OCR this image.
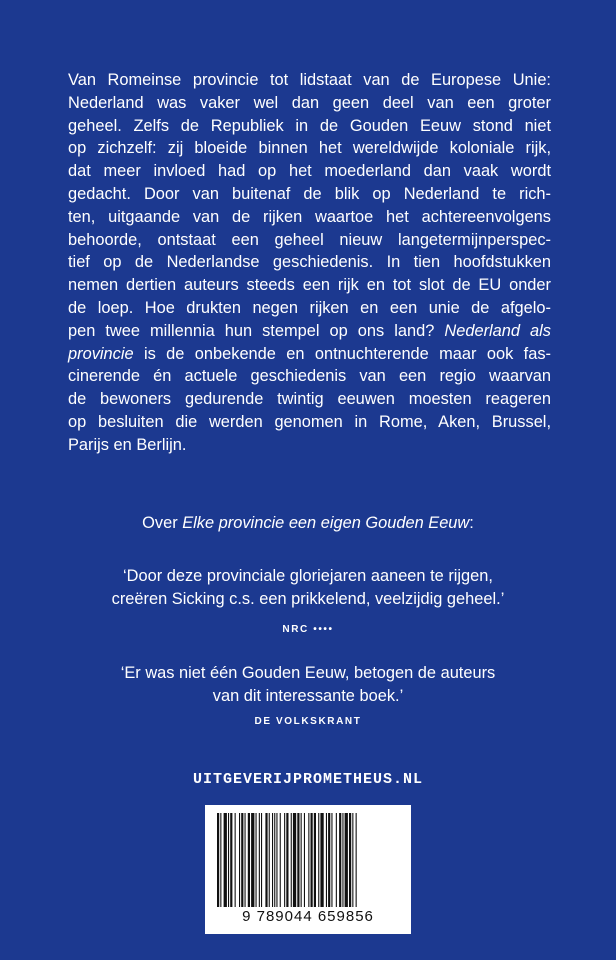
Van Romeinse provincie tot lidstaat van de Europese Unie:
Nederland was vaker wel dan geen deel van een groter
geheel. Zelfs de Republiek in de Gouden Eeuw stond niet
op zichzelf: zij bloeide binnen het wereldwijde koloniale rijk,
dat meer invloed had op het moederland dan vaak wordt
gedacht. Door van buitenaf de blik op Nederland te rich-
ten, uitgaande van de rijken waartoe het achtereenvolgens
behoorde, ontstaat een geheel nieuw langetermijnperspec-
tief op de Nederlandse geschiedenis. In tien hoofdstukken
nemen dertien auteurs steeds een rijk en tot slot de EU onder
de loep. Hoe drukten negen rijken en een unie de afgelo-
pen twee millennia hun stempel op ons land? Nederland als
provincie is de onbekende en ontnuchterende maar ook fas-
cinerende én actuele geschiedenis van een regio waarvan
de bewoners gedurende twintig eeuwen moesten reageren
op besluiten die werden genomen in Rome, Aken, Brussel,
Parijs en Berlijn.

Over Elke provincie een eigen Gouden Eeuw:

‘Door deze provinciale gloriejaren aaneen te rijgen,
creëren Sicking c.s. een prikkelend, veelzijdig geheel.’

NRC ••••

‘Er was niet één Gouden Eeuw, betogen de auteurs
van dit interessante boek.’

DE VOLKSKRANT
UITGEVERIJPROMETHEUS.NL
9 789044 659856
